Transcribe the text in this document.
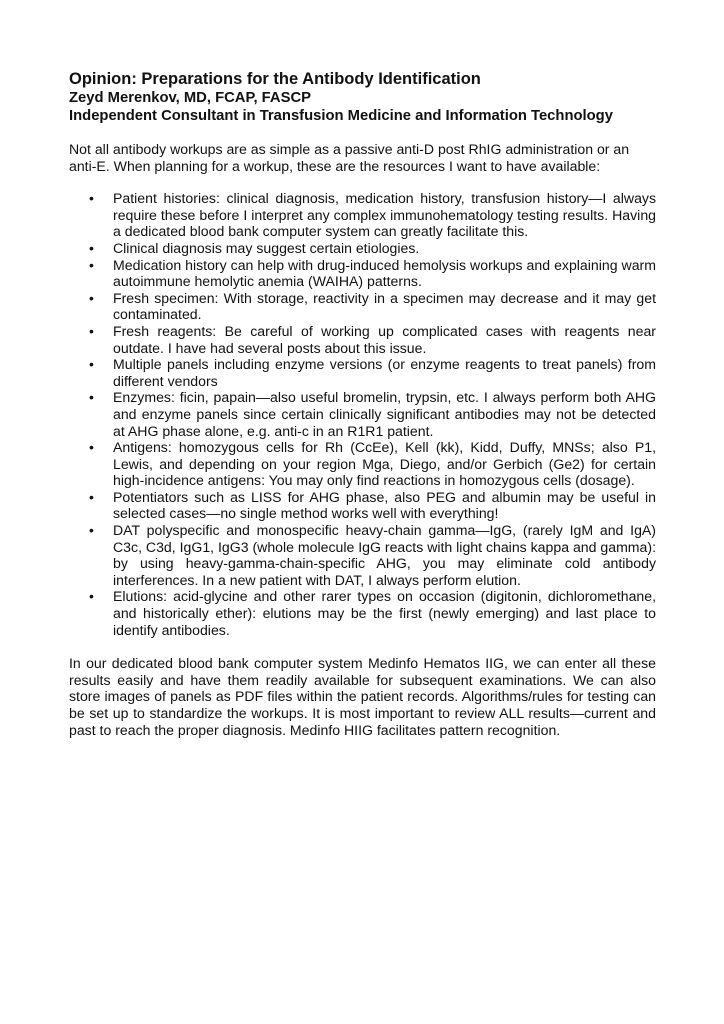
Opinion: Preparations for the Antibody Identification
Zeyd Merenkov, MD, FCAP, FASCP
Independent Consultant in Transfusion Medicine and Information Technology

Not all antibody workups are as simple as a passive anti-D post RhIG administration or an anti-E. When planning for a workup, these are the resources I want to have available:

•	Patient histories: clinical diagnosis, medication history, transfusion history—I always require these before I interpret any complex immunohematology testing results. Having a dedicated blood bank computer system can greatly facilitate this.
•	Clinical diagnosis may suggest certain etiologies.
•	Medication history can help with drug-induced hemolysis workups and explaining warm autoimmune hemolytic anemia (WAIHA) patterns.
•	Fresh specimen: With storage, reactivity in a specimen may decrease and it may get contaminated.
•	Fresh reagents: Be careful of working up complicated cases with reagents near outdate. I have had several posts about this issue.
•	Multiple panels including enzyme versions (or enzyme reagents to treat panels) from different vendors
•	Enzymes: ficin, papain—also useful bromelin, trypsin, etc. I always perform both AHG and enzyme panels since certain clinically significant antibodies may not be detected at AHG phase alone, e.g. anti-c in an R1R1 patient.
•	Antigens: homozygous cells for Rh (CcEe), Kell (kk), Kidd, Duffy, MNSs; also P1, Lewis, and depending on your region Mga, Diego, and/or Gerbich (Ge2) for certain high-incidence antigens: You may only find reactions in homozygous cells (dosage).
•	Potentiators such as LISS for AHG phase, also PEG and albumin may be useful in selected cases—no single method works well with everything!
•	DAT polyspecific and monospecific heavy-chain gamma—IgG, (rarely IgM and IgA) C3c, C3d, IgG1, IgG3 (whole molecule IgG reacts with light chains kappa and gamma): by using heavy-gamma-chain-specific AHG, you may eliminate cold antibody interferences. In a new patient with DAT, I always perform elution.
•	Elutions: acid-glycine and other rarer types on occasion (digitonin, dichloromethane, and historically ether): elutions may be the first (newly emerging) and last place to identify antibodies.

In our dedicated blood bank computer system Medinfo Hematos IIG, we can enter all these results easily and have them readily available for subsequent examinations. We can also store images of panels as PDF files within the patient records. Algorithms/rules for testing can be set up to standardize the workups. It is most important to review ALL results—current and past to reach the proper diagnosis. Medinfo HIIG facilitates pattern recognition.
